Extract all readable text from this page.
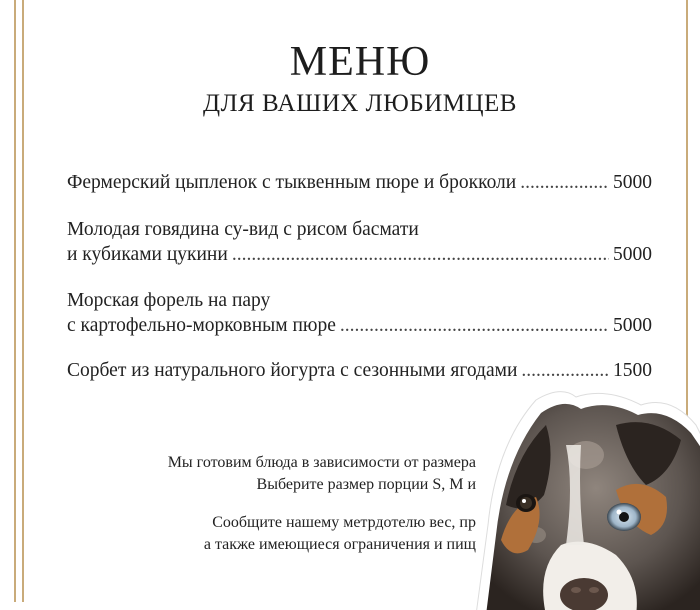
МЕНЮ
ДЛЯ ВАШИХ ЛЮБИМЦЕВ
Фермерский цыпленок с тыквенным пюре и брокколи .....	5000
Молодая говядина су-вид с рисом басмати
и кубиками цукини .....	5000
Морская форель на пару
с картофельно-морковным пюре .....	5000
Сорбет из натурального йогурта с сезонными ягодами .....	1500
Мы готовим блюда в зависимости от размера
Выберите размер порции S, M и
Сообщите нашему метрдотелю вес, пр
а также имеющиеся ограничения и пищ
